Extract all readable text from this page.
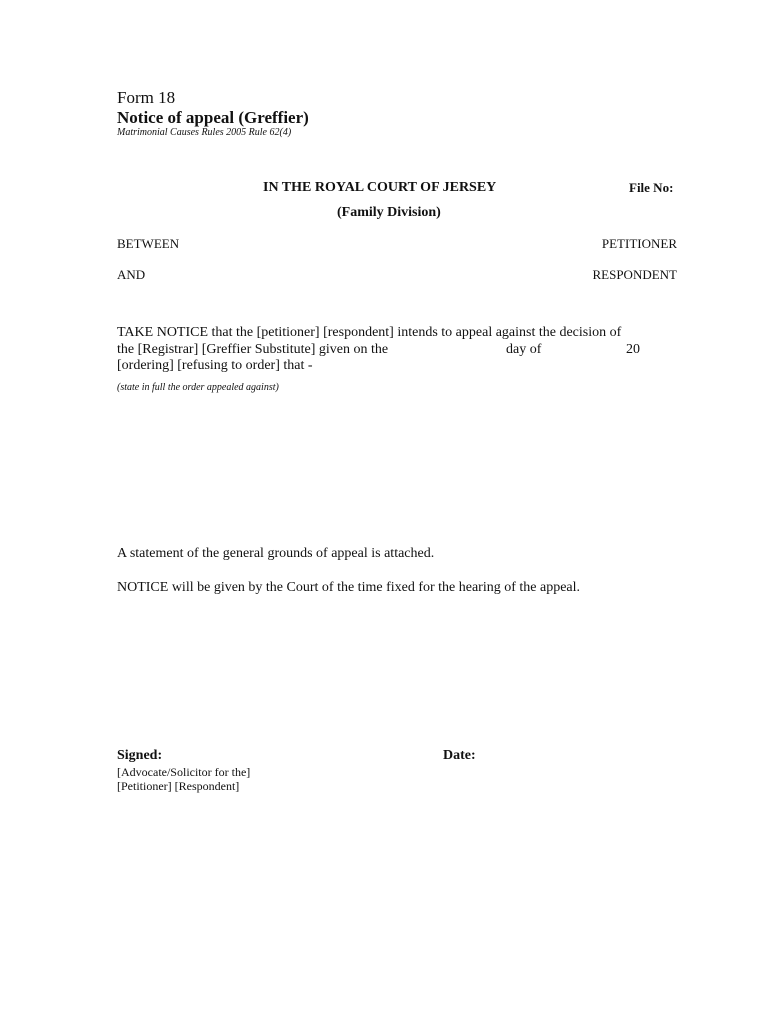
Form 18
Notice of appeal (Greffier)
Matrimonial Causes Rules 2005 Rule 62(4)
IN THE ROYAL COURT OF JERSEY	File No:
(Family Division)
BETWEEN	PETITIONER
AND	RESPONDENT
TAKE NOTICE that the [petitioner] [respondent] intends to appeal against the decision of
the [Registrar] [Greffier Substitute] given on the	day of	20
[ordering] [refusing to order] that -
(state in full the order appealed against)
A statement of the general grounds of appeal is attached.
NOTICE will be given by the Court of the time fixed for the hearing of the appeal.
Signed:	Date:
[Advocate/Solicitor for the]
[Petitioner] [Respondent]
